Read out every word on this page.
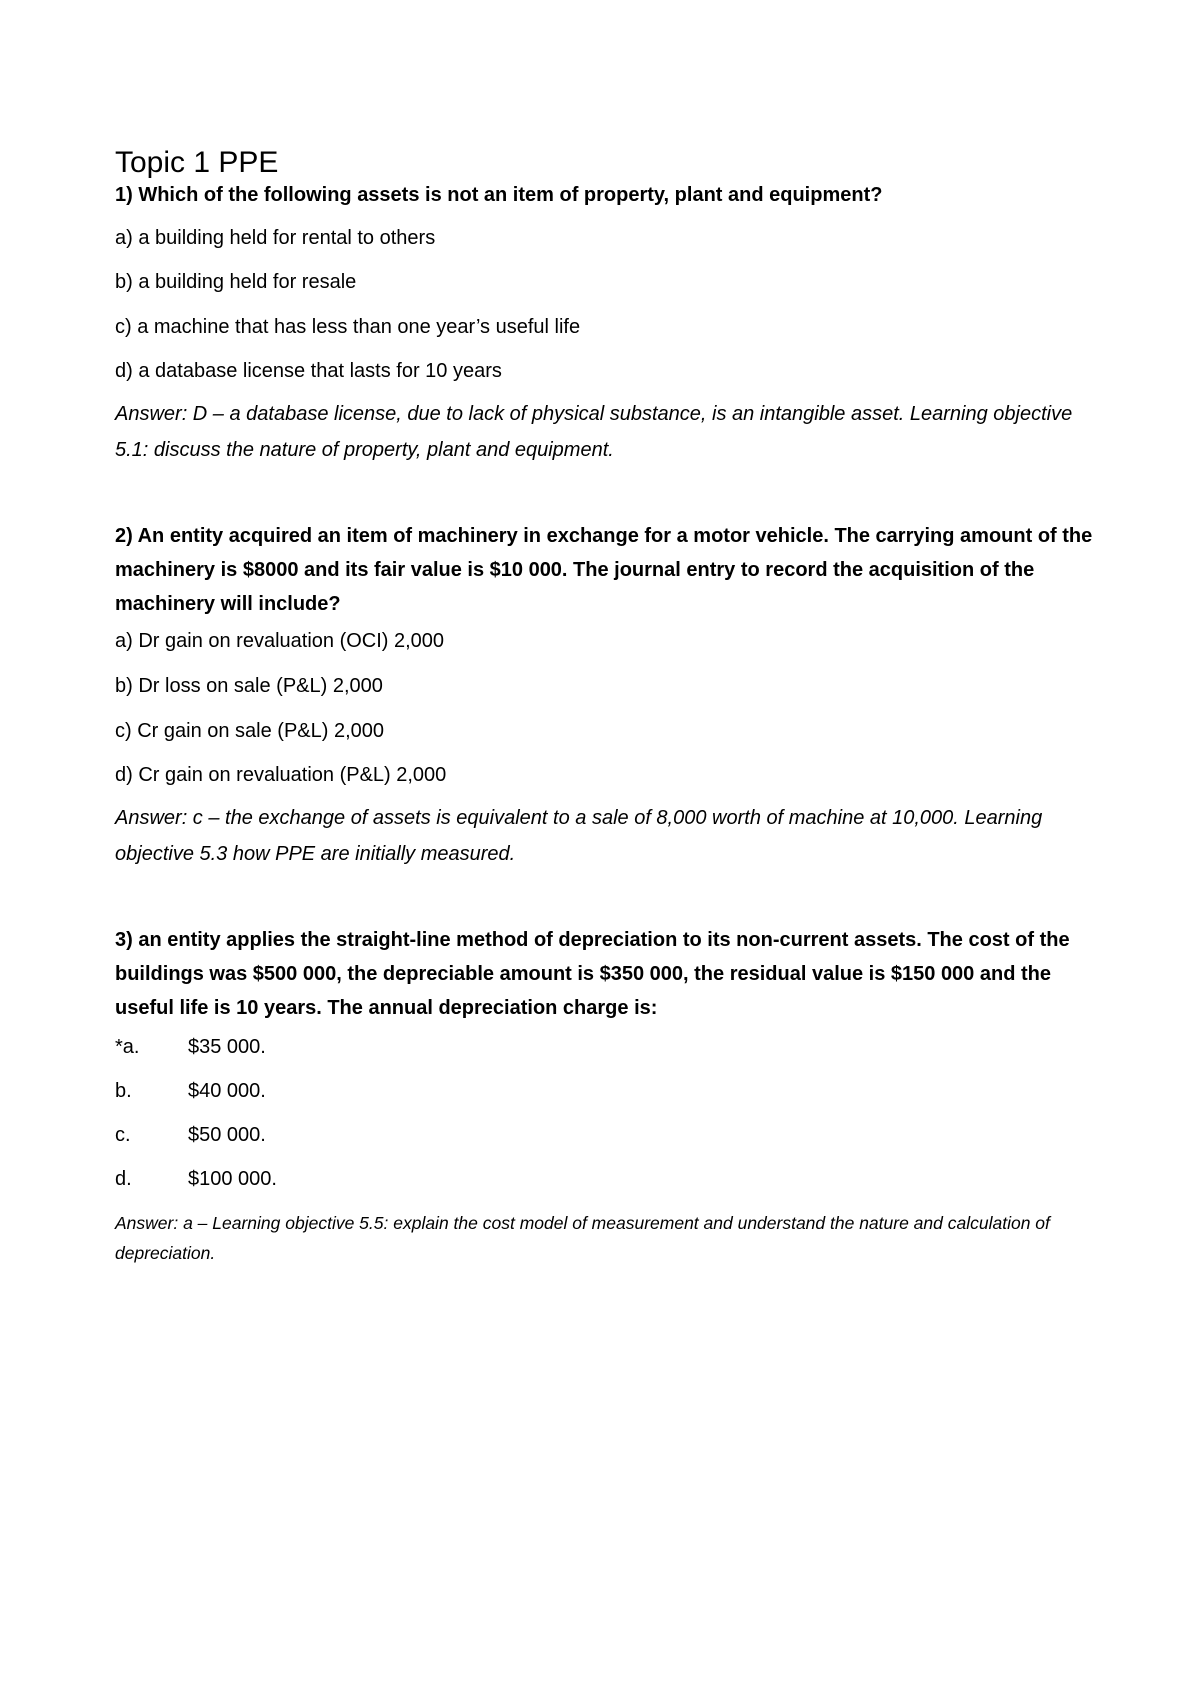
Topic 1 PPE
1) Which of the following assets is not an item of property, plant and equipment?
a) a building held for rental to others
b) a building held for resale
c) a machine that has less than one year’s useful life
d) a database license that lasts for 10 years
Answer: D – a database license, due to lack of physical substance, is an intangible asset. Learning objective 5.1: discuss the nature of property, plant and equipment.
2) An entity acquired an item of machinery in exchange for a motor vehicle. The carrying amount of the machinery is $8000 and its fair value is $10 000. The journal entry to record the acquisition of the machinery will include?
a) Dr gain on revaluation (OCI) 2,000
b) Dr loss on sale (P&L) 2,000
c) Cr gain on sale (P&L) 2,000
d) Cr gain on revaluation (P&L) 2,000
Answer: c – the exchange of assets is equivalent to a sale of 8,000 worth of machine at 10,000. Learning objective 5.3 how PPE are initially measured.
3) an entity applies the straight-line method of depreciation to its non-current assets. The cost of the buildings was $500 000, the depreciable amount is $350 000, the residual value is $150 000 and the useful life is 10 years. The annual depreciation charge is:
*a. $35 000.
b.	$40 000.
c.	$50 000.
d.	$100 000.
Answer: a – Learning objective 5.5: explain the cost model of measurement and understand the nature and calculation of depreciation.
